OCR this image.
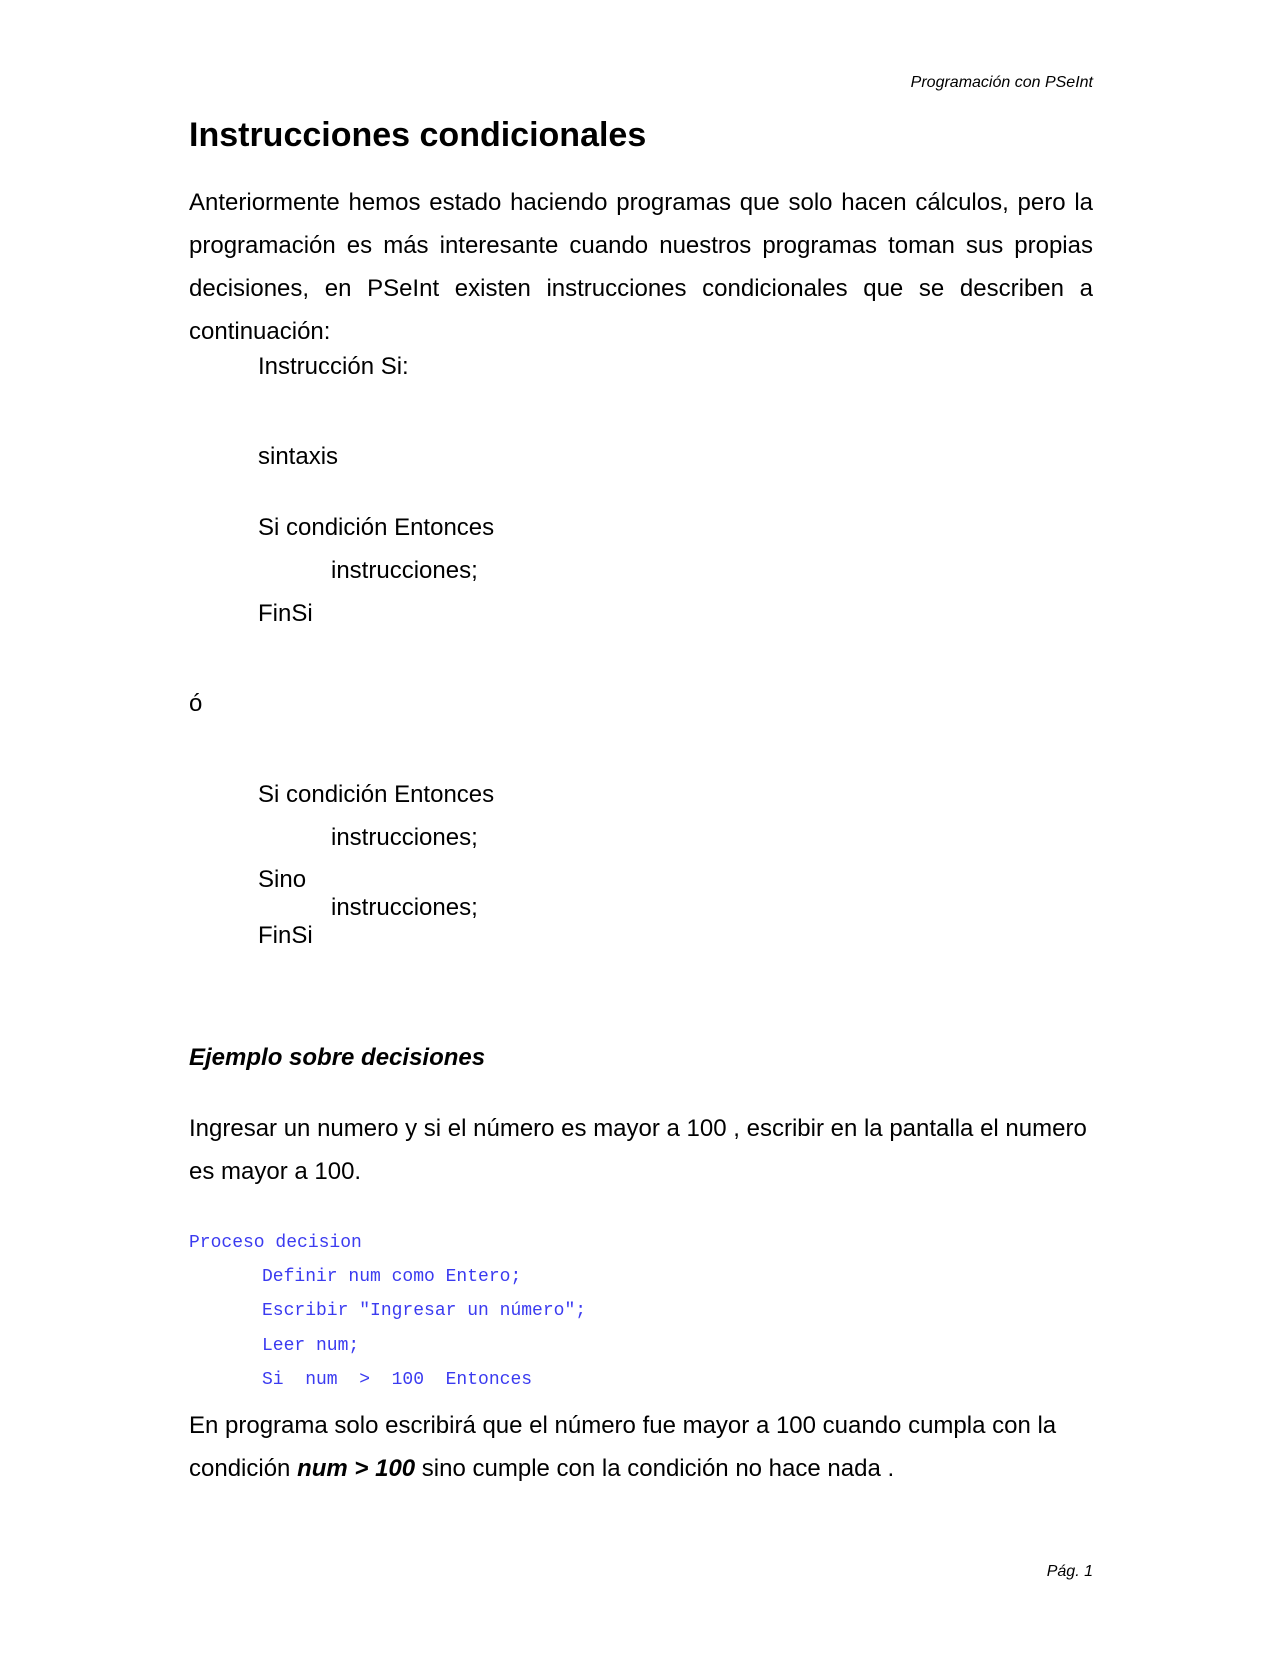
Programación con PSeInt
Instrucciones condicionales
Anteriormente hemos estado haciendo programas que solo hacen cálculos, pero la programación es más interesante cuando nuestros programas toman sus propias decisiones, en PSeInt existen instrucciones condicionales que se describen a continuación:
Instrucción Si:
sintaxis
Si condición Entonces
instrucciones;
FinSi
ó
Si condición Entonces
instrucciones;
Sino
instrucciones;
FinSi
Ejemplo sobre decisiones
Ingresar un numero y si el número es mayor a 100 , escribir en la pantalla el numero es mayor a 100.
Proceso decision
Definir num como Entero;
Escribir "Ingresar un número";
Leer num;
Si  num  >  100  Entonces
En programa solo escribirá que el número fue mayor a 100 cuando cumpla con la condición num > 100 sino cumple con la condición no hace nada .
Pág. 1
